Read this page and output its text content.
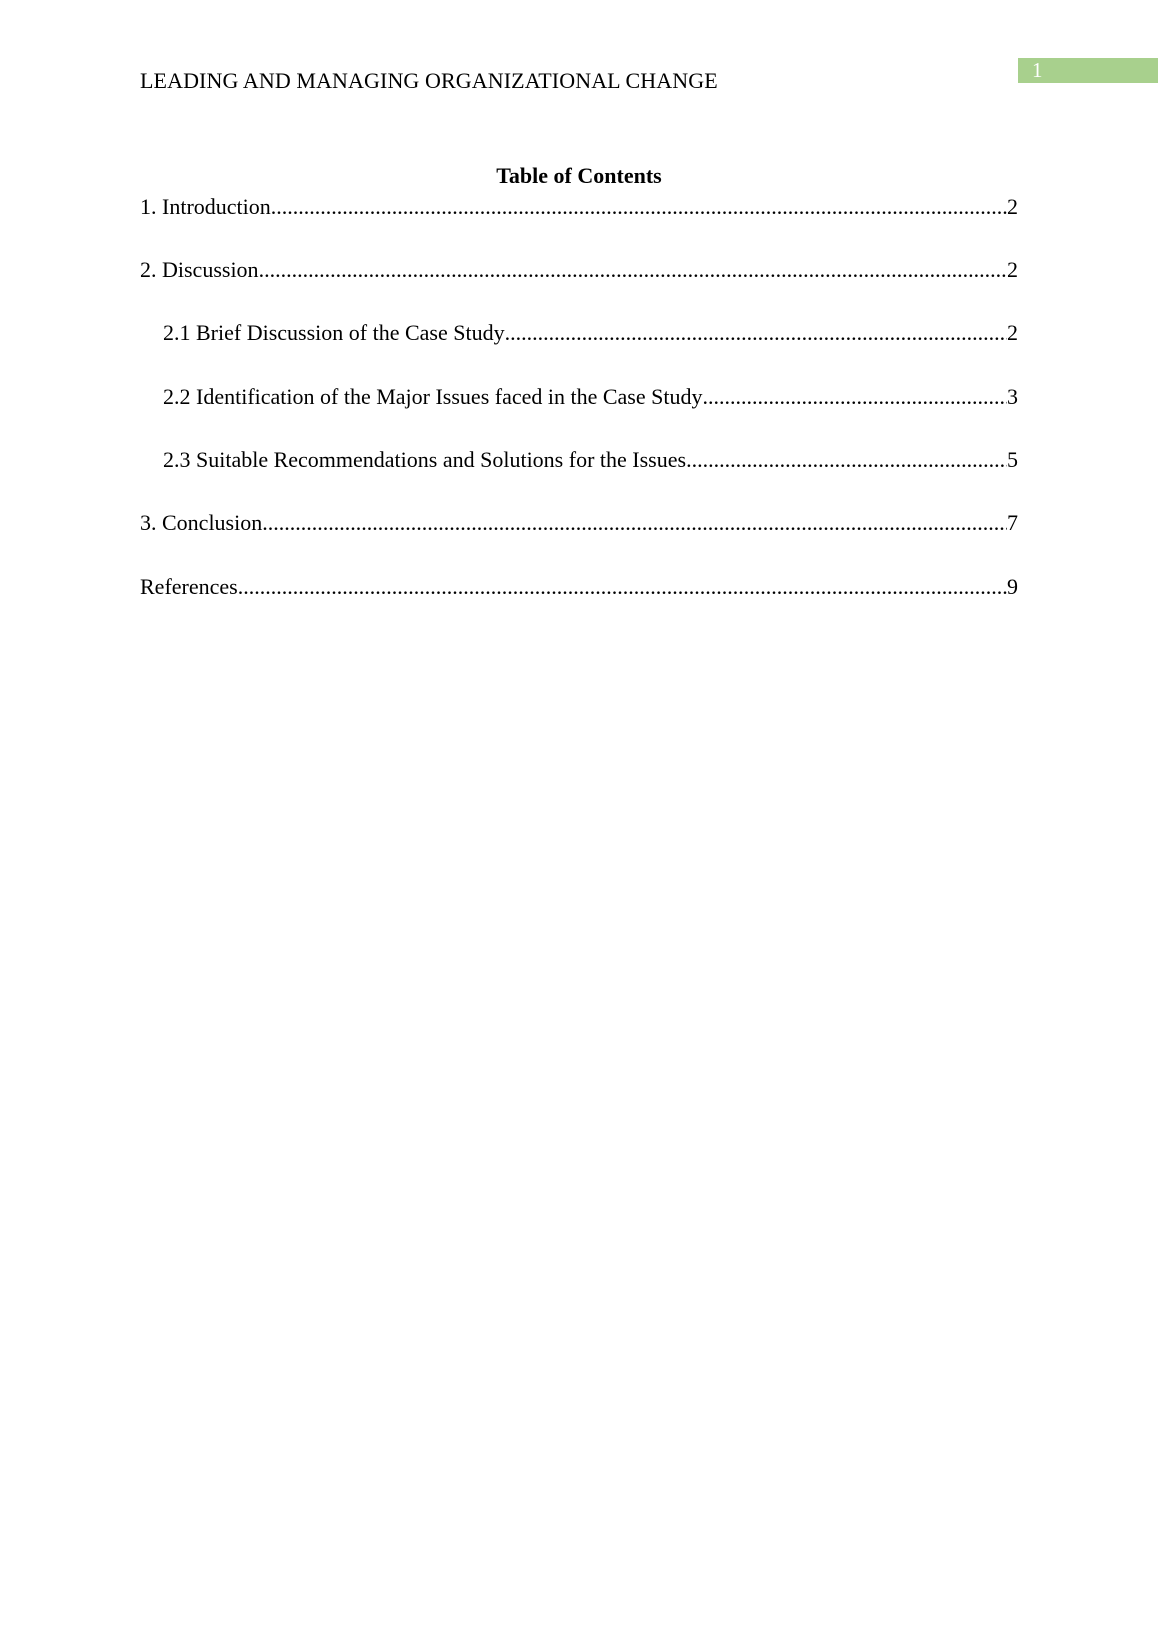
LEADING AND MANAGING ORGANIZATIONAL CHANGE	1
Table of Contents
1. Introduction .....	2
2. Discussion .....	2
2.1 Brief Discussion of the Case Study .....	2
2.2 Identification of the Major Issues faced in the Case Study .....	3
2.3 Suitable Recommendations and Solutions for the Issues .....	5
3. Conclusion .....	7
References .....	9
